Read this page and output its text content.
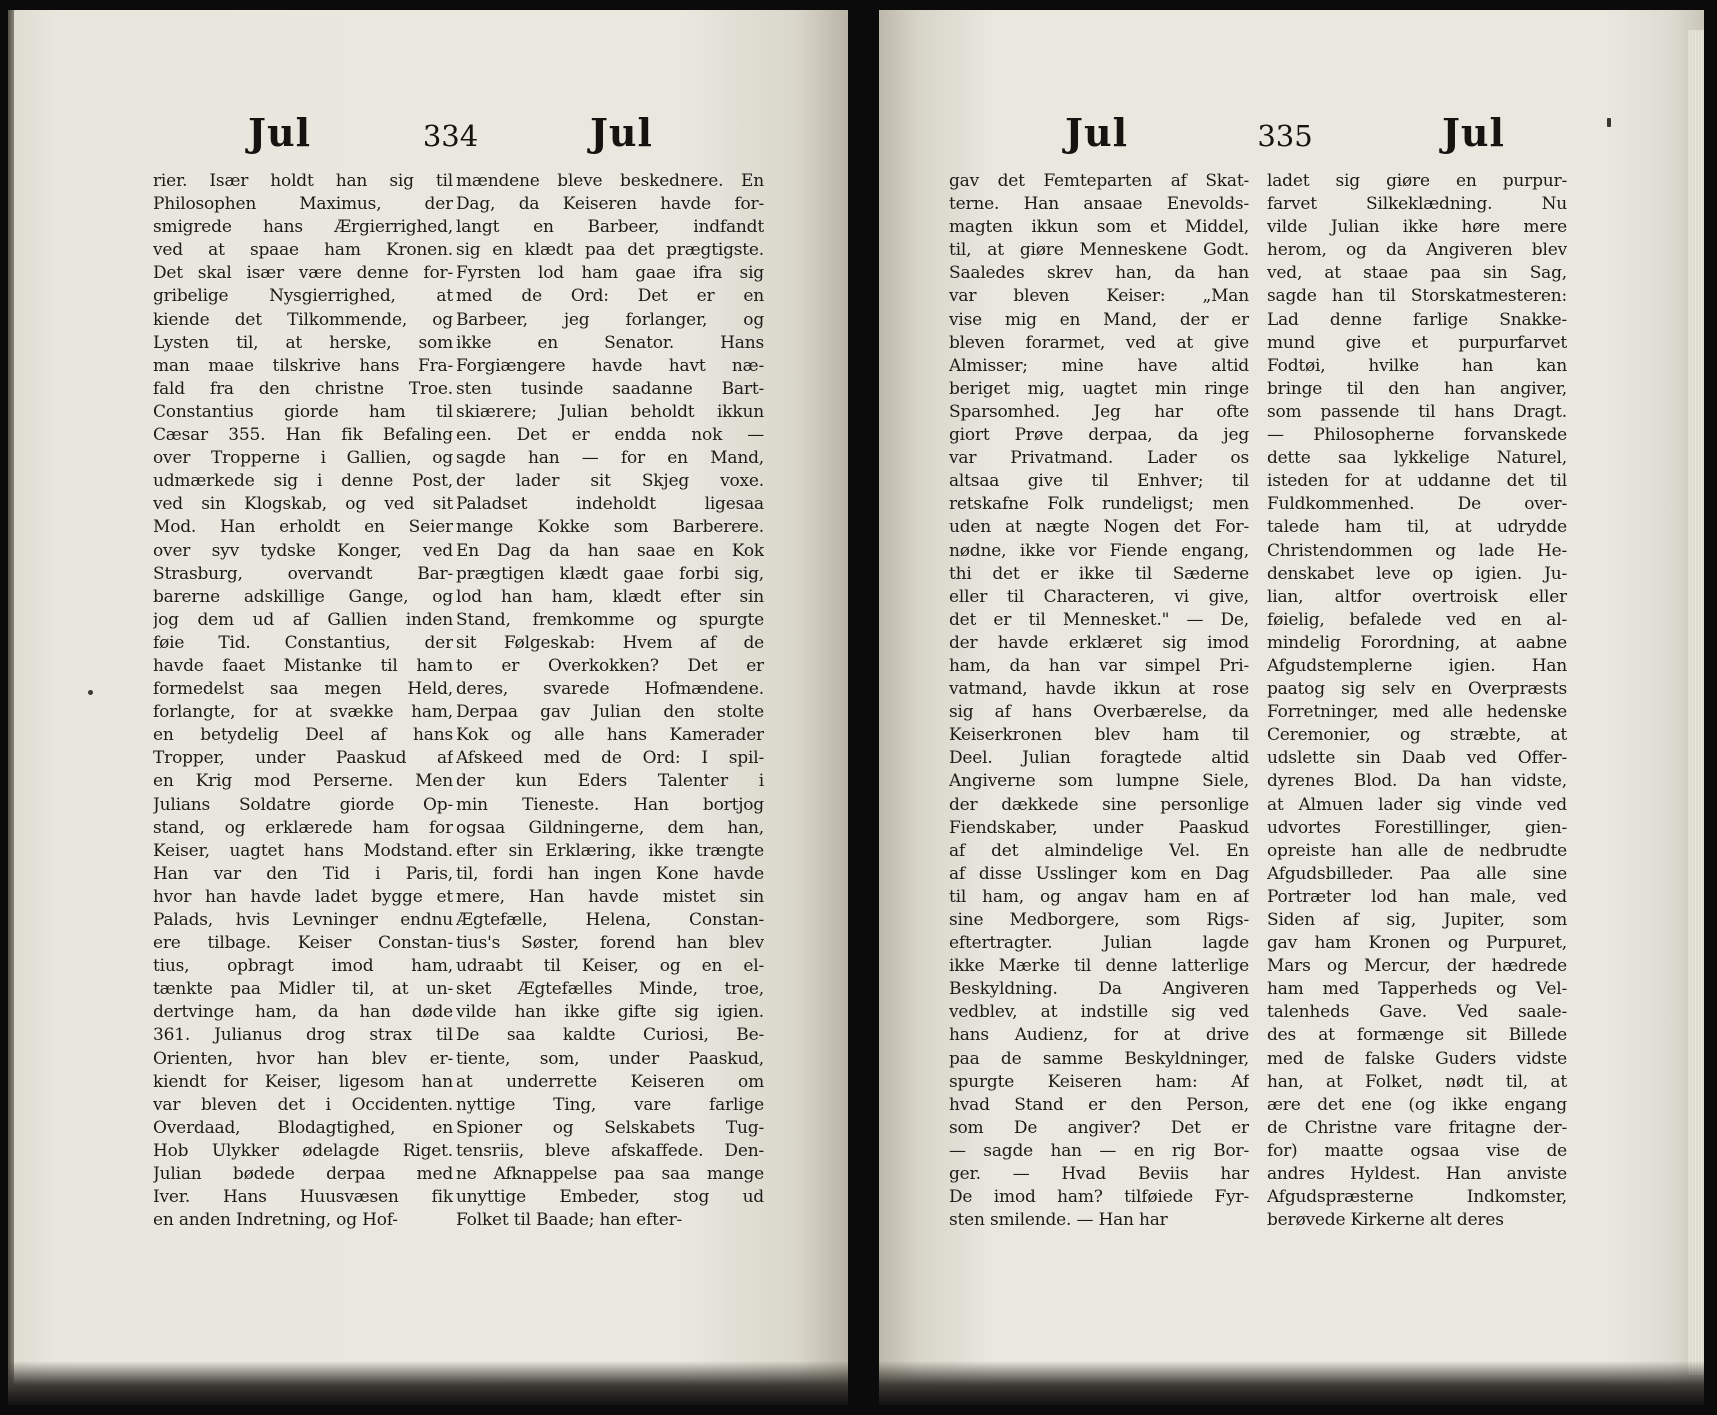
Jul	334	Jul
rier. Især holdt han sig til
Philosophen Maximus, der
smigrede hans Ærgierrighed,
ved at spaae ham Kronen.
Det skal især være denne for-
gribelige Nysgierrighed, at
kiende det Tilkommende, og
Lysten til, at herske, som
man maae tilskrive hans Fra-
fald fra den christne Troe.
Constantius giorde ham til
Cæsar 355. Han fik Befaling
over Tropperne i Gallien, og
udmærkede sig i denne Post,
ved sin Klogskab, og ved sit
Mod. Han erholdt en Seier
over syv tydske Konger, ved
Strasburg, overvandt Bar-
barerne adskillige Gange, og
jog dem ud af Gallien inden
føie Tid. Constantius, der
havde faaet Mistanke til ham
formedelst saa megen Held,
forlangte, for at svække ham,
en betydelig Deel af hans
Tropper, under Paaskud af
en Krig mod Perserne. Men
Julians Soldatre giorde Op-
stand, og erklærede ham for
Keiser, uagtet hans Modstand.
Han var den Tid i Paris,
hvor han havde ladet bygge et
Palads, hvis Levninger endnu
ere tilbage. Keiser Constan-
tius, opbragt imod ham,
tænkte paa Midler til, at un-
dertvinge ham, da han døde
361. Julianus drog strax til
Orienten, hvor han blev er-
kiendt for Keiser, ligesom han
var bleven det i Occidenten.
Overdaad, Blodagtighed, en
Hob Ulykker ødelagde Riget.
Julian bødede derpaa med
Iver. Hans Huusvæsen fik
en anden Indretning, og Hof-
mændene bleve beskednere. En
Dag, da Keiseren havde for-
langt en Barbeer, indfandt
sig en klædt paa det prægtigste.
Fyrsten lod ham gaae ifra sig
med de Ord: Det er en
Barbeer, jeg forlanger, og
ikke en Senator. Hans
Forgiængere havde havt næ-
sten tusinde saadanne Bart-
skiærere; Julian beholdt ikkun
een. Det er endda nok —
sagde han — for en Mand,
der lader sit Skjeg voxe.
Paladset indeholdt ligesaa
mange Kokke som Barberere.
En Dag da han saae en Kok
prægtigen klædt gaae forbi sig,
lod han ham, klædt efter sin
Stand, fremkomme og spurgte
sit Følgeskab: Hvem af de
to er Overkokken? Det er
deres, svarede Hofmændene.
Derpaa gav Julian den stolte
Kok og alle hans Kamerader
Afskeed med de Ord: I spil-
der kun Eders Talenter i
min Tieneste. Han bortjog
ogsaa Gildningerne, dem han,
efter sin Erklæring, ikke trængte
til, fordi han ingen Kone havde
mere, Han havde mistet sin
Ægtefælle, Helena, Constan-
tius's Søster, forend han blev
udraabt til Keiser, og en el-
sket Ægtefælles Minde, troe,
vilde han ikke gifte sig igien.
De saa kaldte Curiosi, Be-
tiente, som, under Paaskud,
at underrette Keiseren om
nyttige Ting, vare farlige
Spioner og Selskabets Tug-
tensriis, bleve afskaffede. Den-
ne Afknappelse paa saa mange
unyttige Embeder, stog ud
Folket til Baade; han efter-
Jul	335	Jul
gav det Femteparten af Skat-
terne. Han ansaae Enevolds-
magten ikkun som et Middel,
til, at giøre Menneskene Godt.
Saaledes skrev han, da han
var bleven Keiser: „Man
vise mig en Mand, der er
bleven forarmet, ved at give
Almisser; mine have altid
beriget mig, uagtet min ringe
Sparsomhed. Jeg har ofte
giort Prøve derpaa, da jeg
var Privatmand. Lader os
altsaa give til Enhver; til
retskafne Folk rundeligst; men
uden at nægte Nogen det For-
nødne, ikke vor Fiende engang,
thi det er ikke til Sæderne
eller til Characteren, vi give,
det er til Mennesket." — De,
der havde erklæret sig imod
ham, da han var simpel Pri-
vatmand, havde ikkun at rose
sig af hans Overbærelse, da
Keiserkronen blev ham til
Deel. Julian foragtede altid
Angiverne som lumpne Siele,
der dækkede sine personlige
Fiendskaber, under Paaskud
af det almindelige Vel. En
af disse Usslinger kom en Dag
til ham, og angav ham en af
sine Medborgere, som Rigs-
eftertragter. Julian lagde
ikke Mærke til denne latterlige
Beskyldning. Da Angiveren
vedblev, at indstille sig ved
hans Audienz, for at drive
paa de samme Beskyldninger,
spurgte Keiseren ham: Af
hvad Stand er den Person,
som De angiver? Det er
— sagde han — en rig Bor-
ger. — Hvad Beviis har
De imod ham? tilføiede Fyr-
sten smilende. — Han har
ladet sig giøre en purpur-
farvet Silkeklædning. Nu
vilde Julian ikke høre mere
herom, og da Angiveren blev
ved, at staae paa sin Sag,
sagde han til Storskatmesteren:
Lad denne farlige Snakke-
mund give et purpurfarvet
Fodtøi, hvilke han kan
bringe til den han angiver,
som passende til hans Dragt.
— Philosopherne forvanskede
dette saa lykkelige Naturel,
isteden for at uddanne det til
Fuldkommenhed. De over-
talede ham til, at udrydde
Christendommen og lade He-
denskabet leve op igien. Ju-
lian, altfor overtroisk eller
føielig, befalede ved en al-
mindelig Forordning, at aabne
Afgudstemplerne igien. Han
paatog sig selv en Overpræsts
Forretninger, med alle hedenske
Ceremonier, og stræbte, at
udslette sin Daab ved Offer-
dyrenes Blod. Da han vidste,
at Almuen lader sig vinde ved
udvortes Forestillinger, gien-
opreiste han alle de nedbrudte
Afgudsbilleder. Paa alle sine
Portræter lod han male, ved
Siden af sig, Jupiter, som
gav ham Kronen og Purpuret,
Mars og Mercur, der hædrede
ham med Tapperheds og Vel-
talenheds Gave. Ved saale-
des at formænge sit Billede
med de falske Guders vidste
han, at Folket, nødt til, at
ære det ene (og ikke engang
de Christne vare fritagne der-
for) maatte ogsaa vise de
andres Hyldest. Han anviste
Afgudspræsterne Indkomster,
berøvede Kirkerne alt deres
